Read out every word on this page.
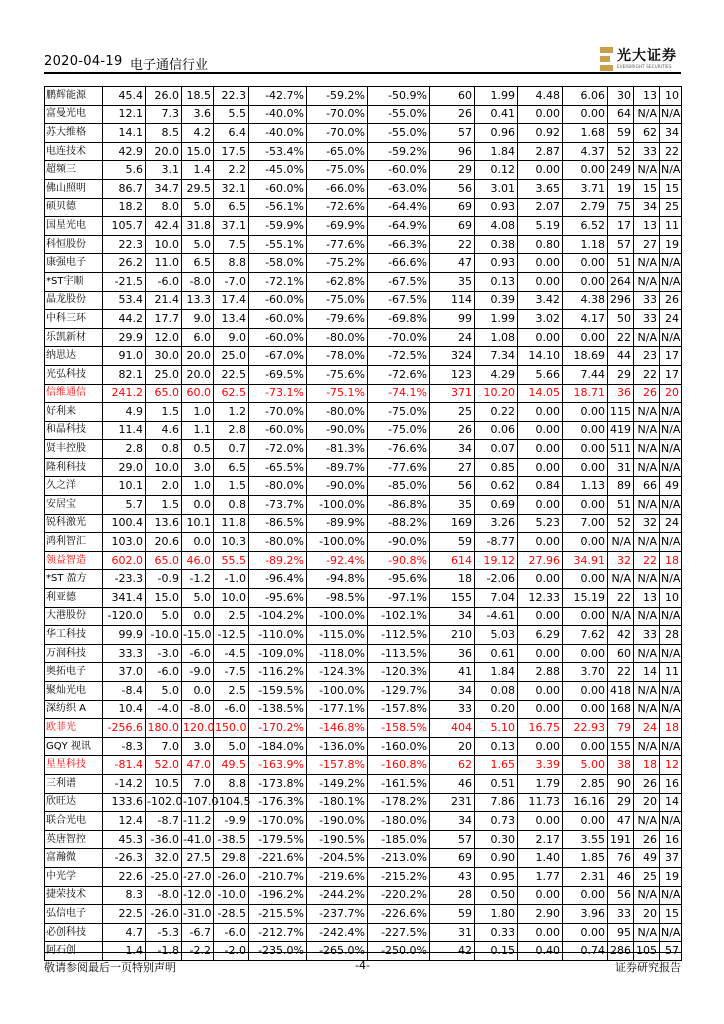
2020-04-19 电子通信行业
光大证券
EVERBRIGHT SECURITIES
鹏辉能源	45.4	26.0	18.5	22.3	-42.7%	-59.2%	-50.9%	60	1.99	4.48	6.06	30	13	10
富曼光电	12.1	7.3	3.6	5.5	-40.0%	-70.0%	-55.0%	26	0.41	0.00	0.00	64	N/A	N/A
苏大维格	14.1	8.5	4.2	6.4	-40.0%	-70.0%	-55.0%	57	0.96	0.92	1.68	59	62	34
电连技术	42.9	20.0	15.0	17.5	-53.4%	-65.0%	-59.2%	96	1.84	2.87	4.37	52	33	22
超频三	5.6	3.1	1.4	2.2	-45.0%	-75.0%	-60.0%	29	0.12	0.00	0.00	249	N/A	N/A
佛山照明	86.7	34.7	29.5	32.1	-60.0%	-66.0%	-63.0%	56	3.01	3.65	3.71	19	15	15
硕贝德	18.2	8.0	5.0	6.5	-56.1%	-72.6%	-64.4%	69	0.93	2.07	2.79	75	34	25
国星光电	105.7	42.4	31.8	37.1	-59.9%	-69.9%	-64.9%	69	4.08	5.19	6.52	17	13	11
科恒股份	22.3	10.0	5.0	7.5	-55.1%	-77.6%	-66.3%	22	0.38	0.80	1.18	57	27	19
康强电子	26.2	11.0	6.5	8.8	-58.0%	-75.2%	-66.6%	47	0.93	0.00	0.00	51	N/A	N/A
*ST宇顺	-21.5	-6.0	-8.0	-7.0	-72.1%	-62.8%	-67.5%	35	0.13	0.00	0.00	264	N/A	N/A
晶龙股份	53.4	21.4	13.3	17.4	-60.0%	-75.0%	-67.5%	114	0.39	3.42	4.38	296	33	26
中科三环	44.2	17.7	9.0	13.4	-60.0%	-79.6%	-69.8%	99	1.99	3.02	4.17	50	33	24
乐凯新材	29.9	12.0	6.0	9.0	-60.0%	-80.0%	-70.0%	24	1.08	0.00	0.00	22	N/A	N/A
纳思达	91.0	30.0	20.0	25.0	-67.0%	-78.0%	-72.5%	324	7.34	14.10	18.69	44	23	17
光弘科技	82.1	25.0	20.0	22.5	-69.5%	-75.6%	-72.6%	123	4.29	5.66	7.44	29	22	17
信维通信	241.2	65.0	60.0	62.5	-73.1%	-75.1%	-74.1%	371	10.20	14.05	18.71	36	26	20
好利来	4.9	1.5	1.0	1.2	-70.0%	-80.0%	-75.0%	25	0.22	0.00	0.00	115	N/A	N/A
和晶科技	11.4	4.6	1.1	2.8	-60.0%	-90.0%	-75.0%	26	0.06	0.00	0.00	419	N/A	N/A
贤丰控股	2.8	0.8	0.5	0.7	-72.0%	-81.3%	-76.6%	34	0.07	0.00	0.00	511	N/A	N/A
隆利科技	29.0	10.0	3.0	6.5	-65.5%	-89.7%	-77.6%	27	0.85	0.00	0.00	31	N/A	N/A
久之洋	10.1	2.0	1.0	1.5	-80.0%	-90.0%	-85.0%	56	0.62	0.84	1.13	89	66	49
安居宝	5.7	1.5	0.0	0.8	-73.7%	-100.0%	-86.8%	35	0.69	0.00	0.00	51	N/A	N/A
锐科激光	100.4	13.6	10.1	11.8	-86.5%	-89.9%	-88.2%	169	3.26	5.23	7.00	52	32	24
鸿利智汇	103.0	20.6	0.0	10.3	-80.0%	-100.0%	-90.0%	59	-8.77	0.00	0.00	N/A	N/A	N/A
领益智造	602.0	65.0	46.0	55.5	-89.2%	-92.4%	-90.8%	614	19.12	27.96	34.91	32	22	18
*ST 盈方	-23.3	-0.9	-1.2	-1.0	-96.4%	-94.8%	-95.6%	18	-2.06	0.00	0.00	N/A	N/A	N/A
利亚德	341.4	15.0	5.0	10.0	-95.6%	-98.5%	-97.1%	155	7.04	12.33	15.19	22	13	10
大港股份	-120.0	5.0	0.0	2.5	-104.2%	-100.0%	-102.1%	34	-4.61	0.00	0.00	N/A	N/A	N/A
华工科技	99.9	-10.0	-15.0	-12.5	-110.0%	-115.0%	-112.5%	210	5.03	6.29	7.62	42	33	28
万润科技	33.3	-3.0	-6.0	-4.5	-109.0%	-118.0%	-113.5%	36	0.61	0.00	0.00	60	N/A	N/A
奥拓电子	37.0	-6.0	-9.0	-7.5	-116.2%	-124.3%	-120.3%	41	1.84	2.88	3.70	22	14	11
聚灿光电	-8.4	5.0	0.0	2.5	-159.5%	-100.0%	-129.7%	34	0.08	0.00	0.00	418	N/A	N/A
深纺织 A	10.4	-4.0	-8.0	-6.0	-138.5%	-177.1%	-157.8%	33	0.20	0.00	0.00	168	N/A	N/A
欧菲光	-256.6	180.0	120.0	150.0	-170.2%	-146.8%	-158.5%	404	5.10	16.75	22.93	79	24	18
GQY 视讯	-8.3	7.0	3.0	5.0	-184.0%	-136.0%	-160.0%	20	0.13	0.00	0.00	155	N/A	N/A
星星科技	-81.4	52.0	47.0	49.5	-163.9%	-157.8%	-160.8%	62	1.65	3.39	5.00	38	18	12
三利谱	-14.2	10.5	7.0	8.8	-173.8%	-149.2%	-161.5%	46	0.51	1.79	2.85	90	26	16
欣旺达	133.6	-102.0	-107.0	-104.5	-176.3%	-180.1%	-178.2%	231	7.86	11.73	16.16	29	20	14
联合光电	12.4	-8.7	-11.2	-9.9	-170.0%	-190.0%	-180.0%	34	0.73	0.00	0.00	47	N/A	N/A
英唐智控	45.3	-36.0	-41.0	-38.5	-179.5%	-190.5%	-185.0%	57	0.30	2.17	3.55	191	26	16
富瀚微	-26.3	32.0	27.5	29.8	-221.6%	-204.5%	-213.0%	69	0.90	1.40	1.85	76	49	37
中光学	22.6	-25.0	-27.0	-26.0	-210.7%	-219.6%	-215.2%	43	0.95	1.77	2.31	46	25	19
捷荣技术	8.3	-8.0	-12.0	-10.0	-196.2%	-244.2%	-220.2%	28	0.50	0.00	0.00	56	N/A	N/A
弘信电子	22.5	-26.0	-31.0	-28.5	-215.5%	-237.7%	-226.6%	59	1.80	2.90	3.96	33	20	15
必创科技	4.7	-5.3	-6.7	-6.0	-212.7%	-242.4%	-227.5%	31	0.33	0.00	0.00	95	N/A	N/A
阿石创	1.4	-1.8	-2.2	-2.0	-235.0%	-265.0%	-250.0%	42	0.15	0.40	0.74	286	105	57
敬请参阅最后一页特别声明	-4-	证券研究报告
